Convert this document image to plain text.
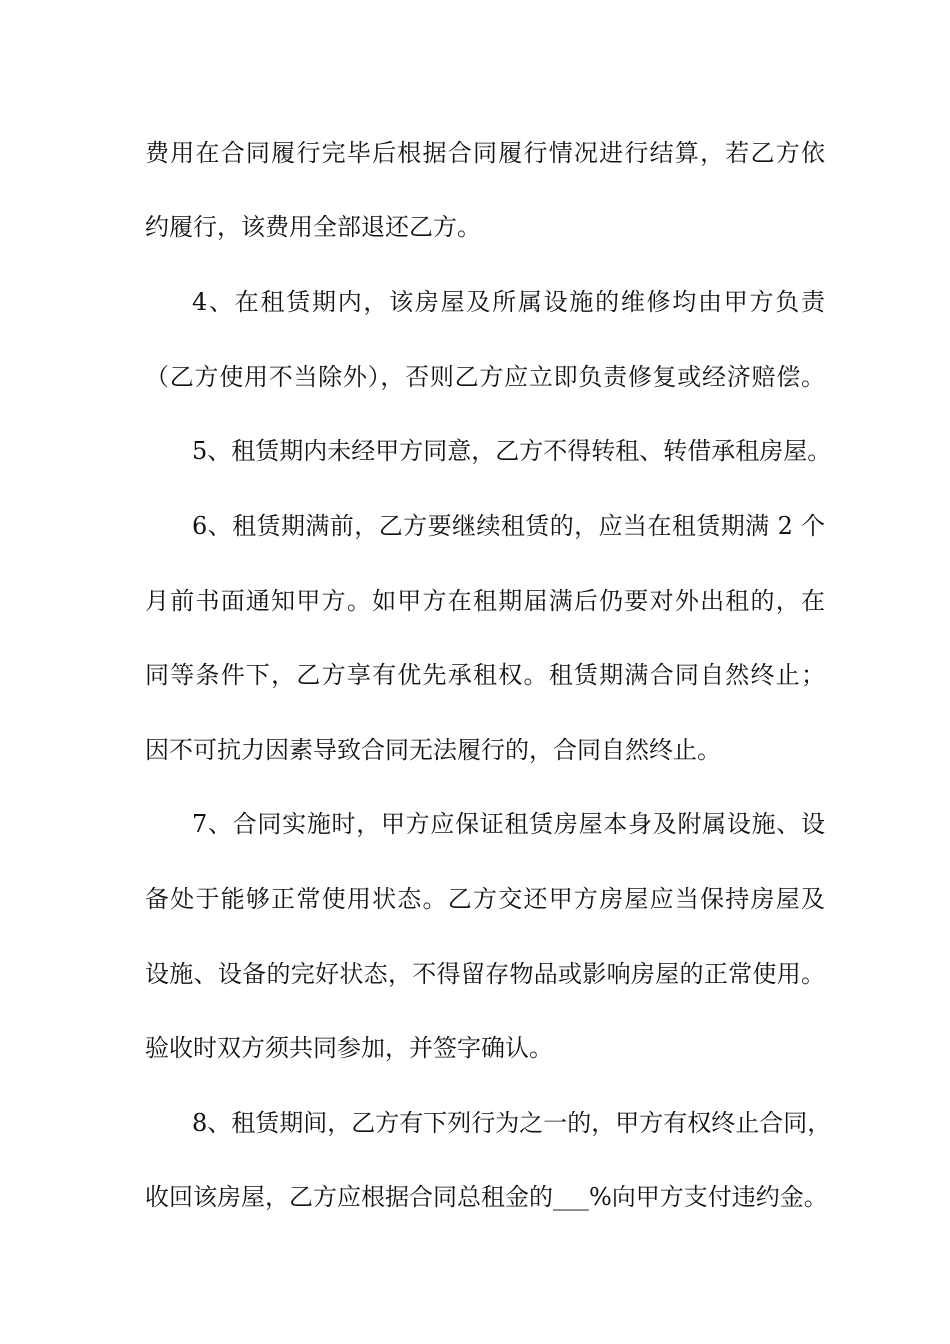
费用在合同履行完毕后根据合同履行情况进行结算，若乙方依
约履行，该费用全部退还乙方。
4、在租赁期内，该房屋及所属设施的维修均由甲方负责
（乙方使用不当除外），否则乙方应立即负责修复或经济赔偿。
5、租赁期内未经甲方同意，乙方不得转租、转借承租房屋。
6、租赁期满前，乙方要继续租赁的，应当在租赁期满 2 个
月前书面通知甲方。如甲方在租期届满后仍要对外出租的，在
同等条件下，乙方享有优先承租权。租赁期满合同自然终止；
因不可抗力因素导致合同无法履行的，合同自然终止。
7、合同实施时，甲方应保证租赁房屋本身及附属设施、设
备处于能够正常使用状态。乙方交还甲方房屋应当保持房屋及
设施、设备的完好状态，不得留存物品或影响房屋的正常使用。
验收时双方须共同参加，并签字确认。
8、租赁期间，乙方有下列行为之一的，甲方有权终止合同，
收回该房屋，乙方应根据合同总租金的___%向甲方支付违约金。
